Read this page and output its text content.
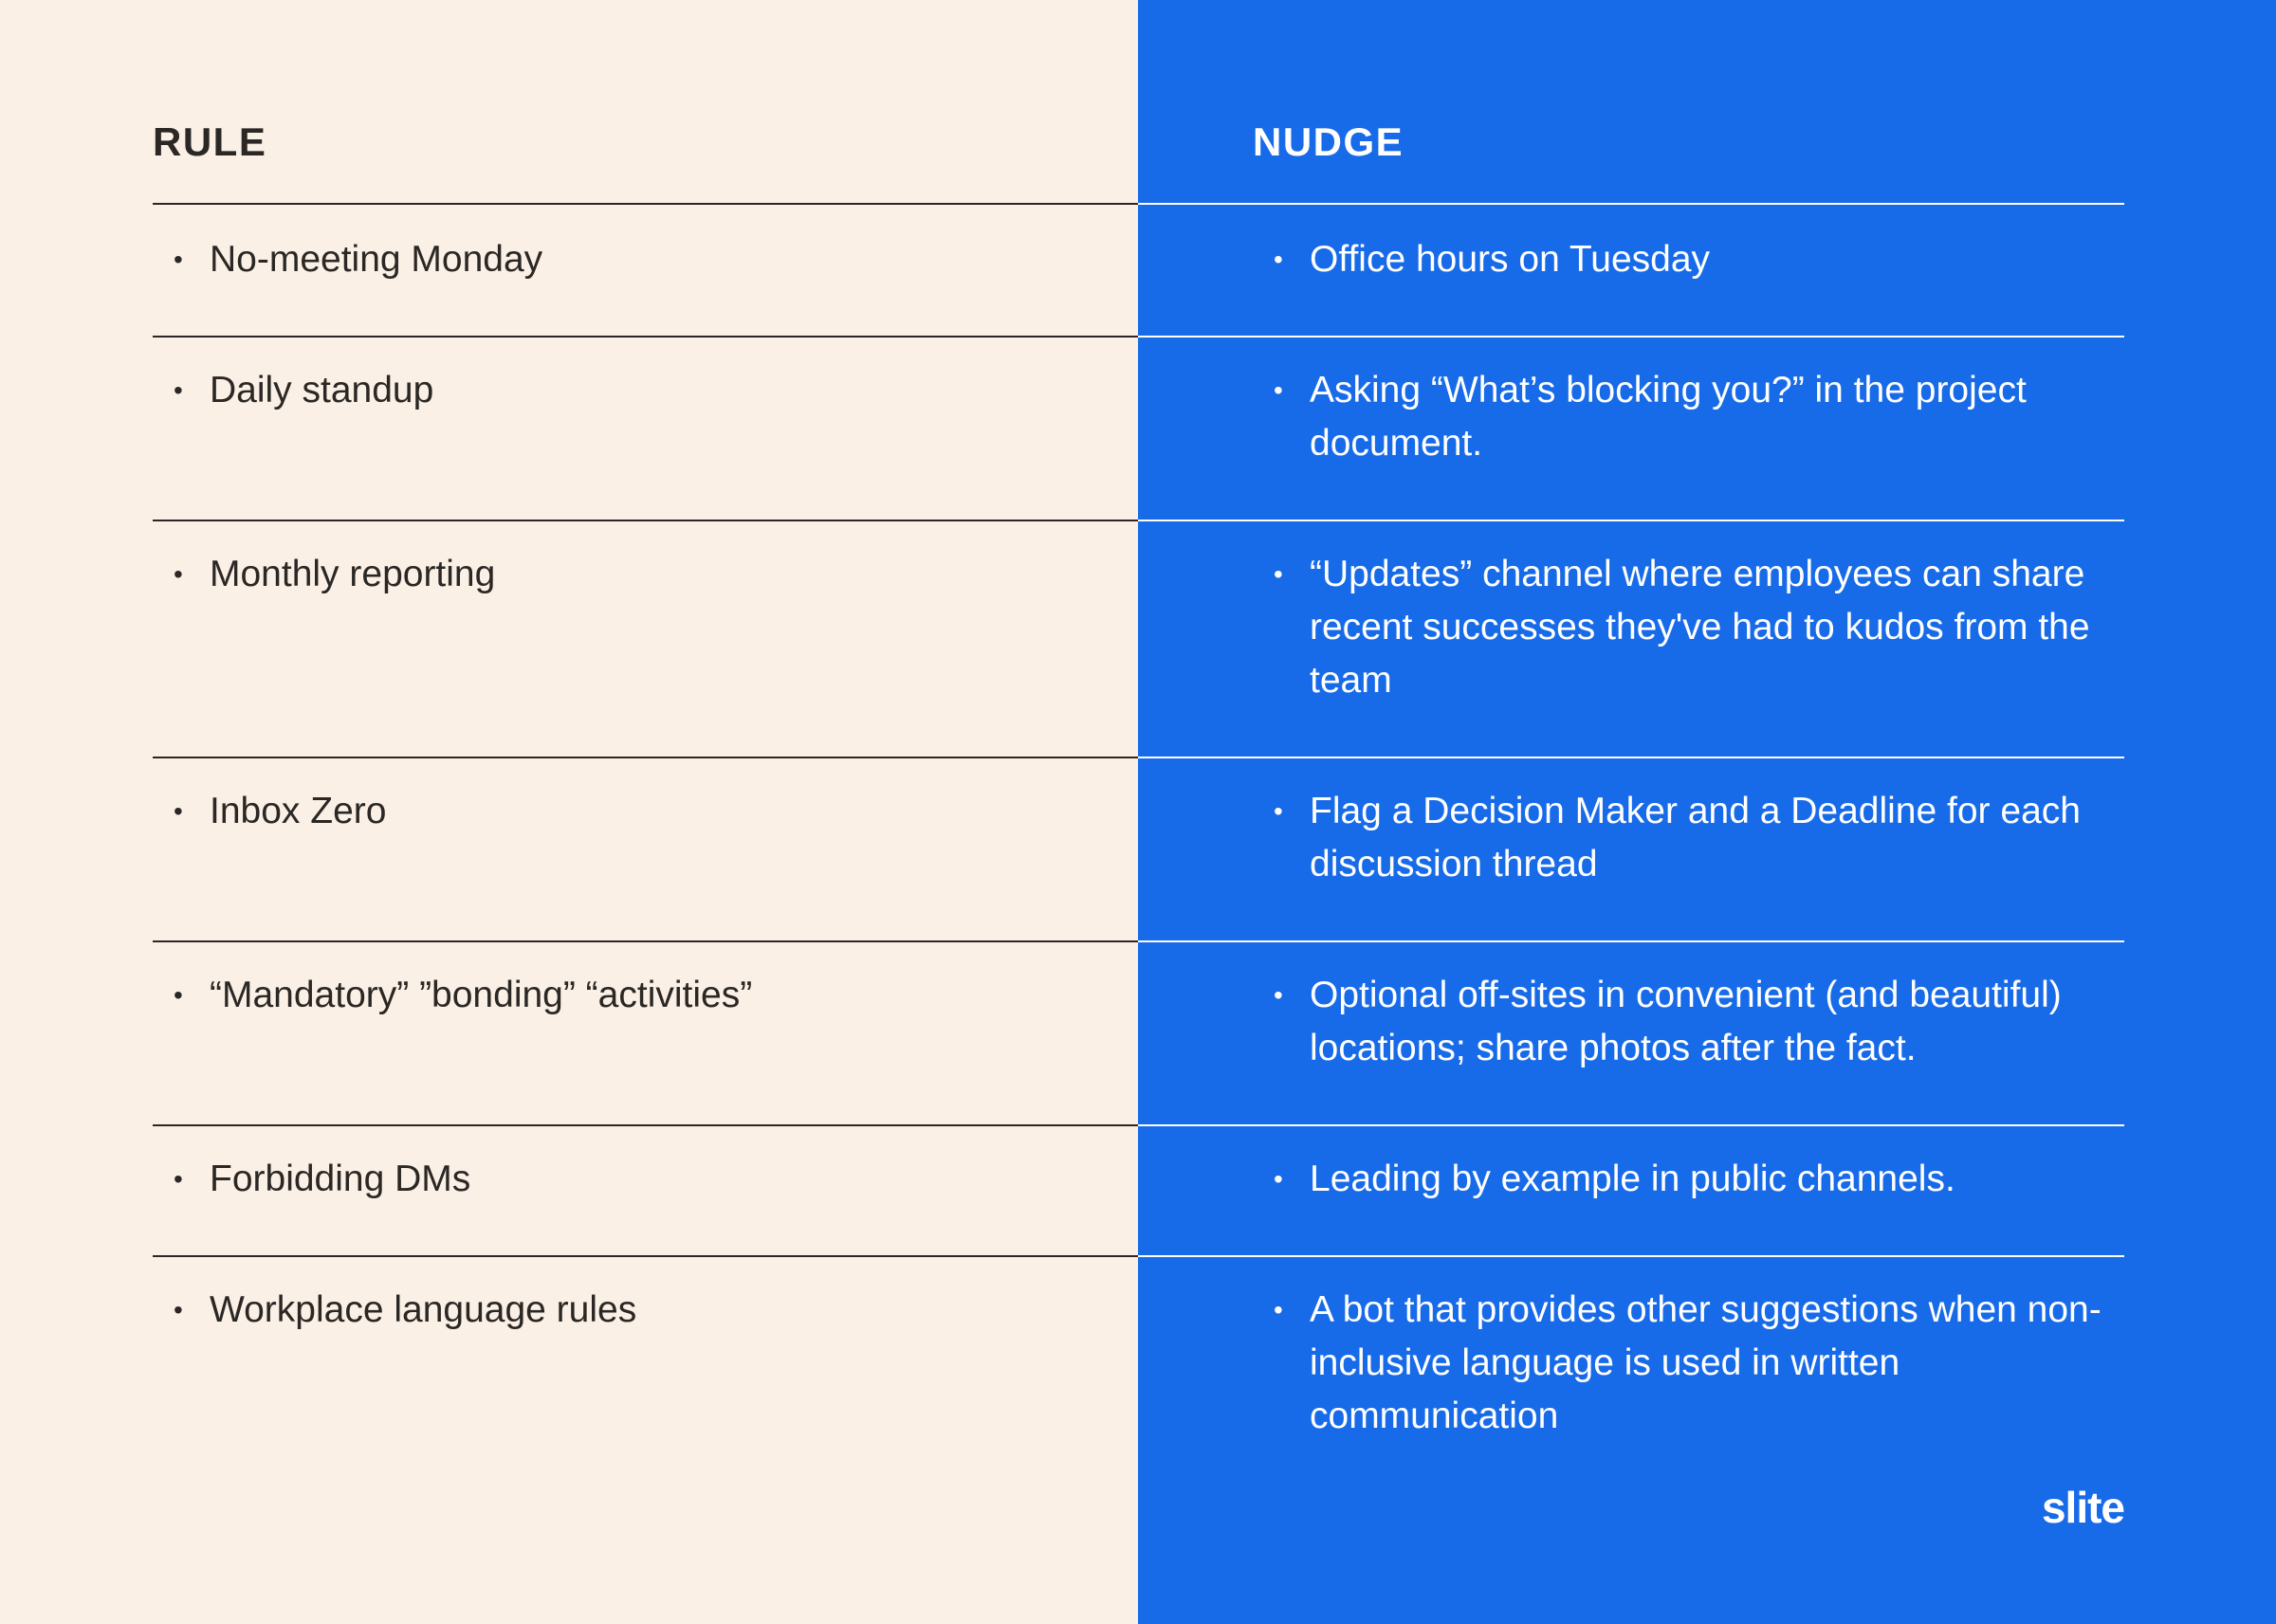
RULE	NUDGE
• No-meeting Monday	• Office hours on Tuesday
• Daily standup	• Asking “What’s blocking you?” in the project document.
• Monthly reporting	• “Updates” channel where employees can share recent successes they've had to kudos from the team
• Inbox Zero	• Flag a Decision Maker and a Deadline for each discussion thread
• “Mandatory” ”bonding” “activities”	• Optional off-sites in convenient (and beautiful) locations; share photos after the fact.
• Forbidding DMs	• Leading by example in public channels.
• Workplace language rules	• A bot that provides other suggestions when non-inclusive language is used in written communication
slite
